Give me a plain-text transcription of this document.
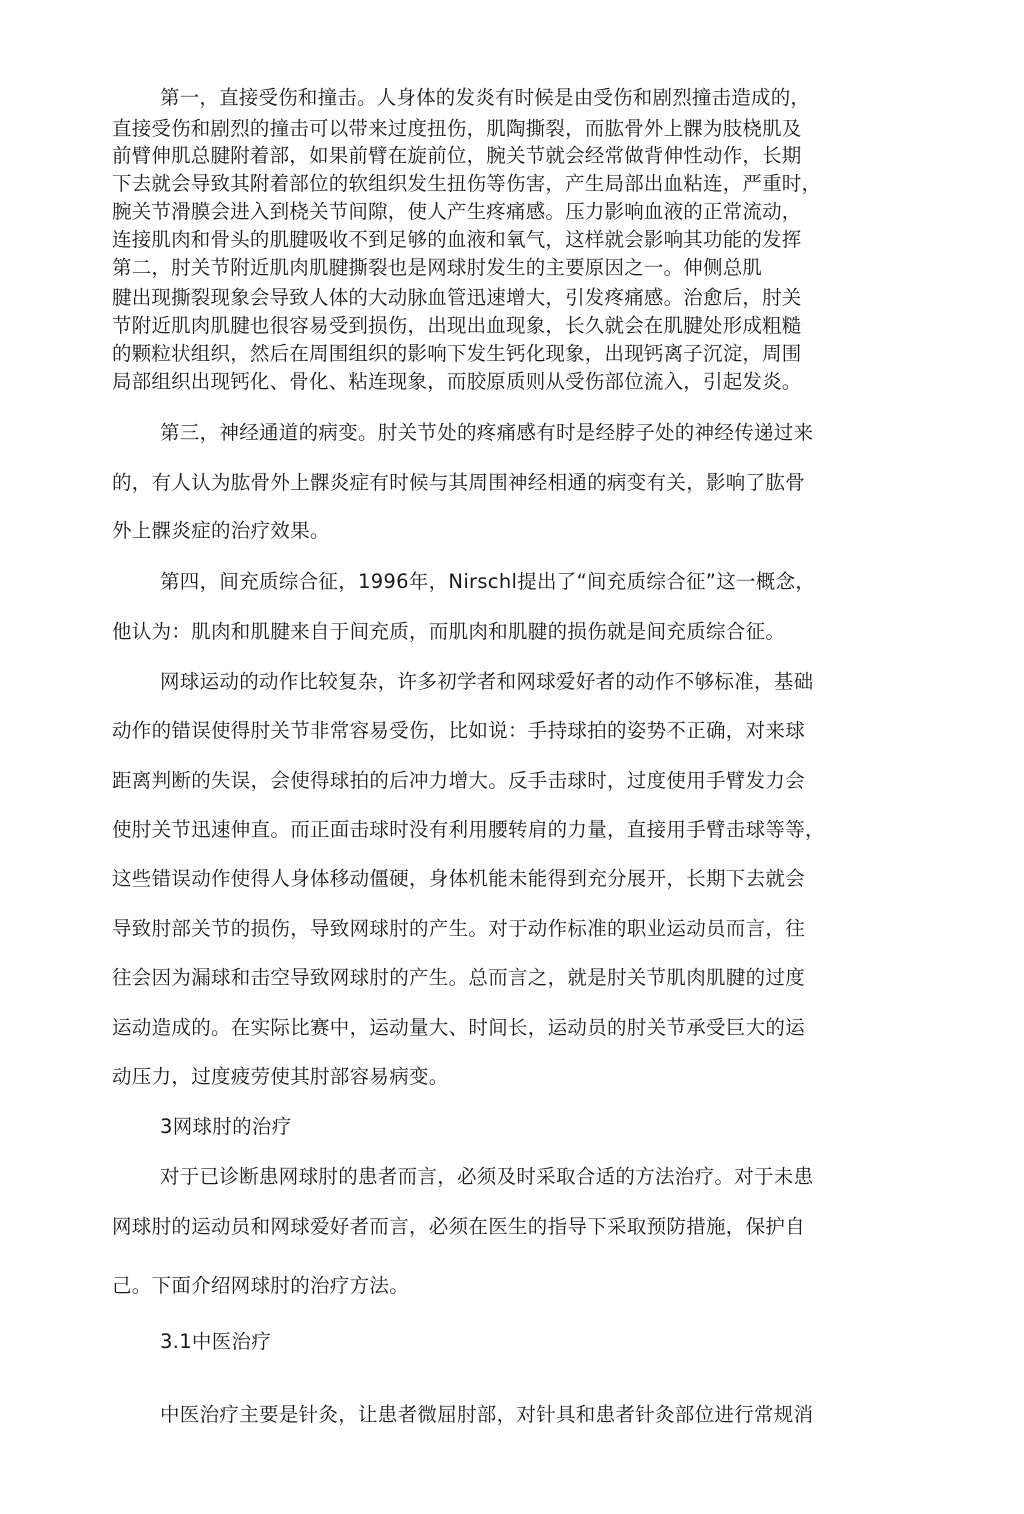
第一，直接受伤和撞击。人身体的发炎有时候是由受伤和剧烈撞击造成的，
直接受伤和剧烈的撞击可以带来过度扭伤，肌陶撕裂，而肱骨外上髁为肢桡肌及
前臂伸肌总腱附着部，如果前臂在旋前位，腕关节就会经常做背伸性动作，长期
下去就会导致其附着部位的软组织发生扭伤等伤害，产生局部出血粘连，严重时，
腕关节滑膜会进入到桡关节间隙，使人产生疼痛感。压力影响血液的正常流动，
连接肌肉和骨头的肌腱吸收不到足够的血液和氧气，这样就会影响其功能的发挥
第二，肘关节附近肌肉肌腱撕裂也是网球肘发生的主要原因之一。伸侧总肌
腱出现撕裂现象会导致人体的大动脉血管迅速增大，引发疼痛感。治愈后，肘关
节附近肌肉肌腱也很容易受到损伤，出现出血现象，长久就会在肌腱处形成粗糙
的颗粒状组织，然后在周围组织的影响下发生钙化现象，出现钙离子沉淀，周围
局部组织出现钙化、骨化、粘连现象，而胶原质则从受伤部位流入，引起发炎。
第三，神经通道的病变。肘关节处的疼痛感有时是经脖子处的神经传递过来
的，有人认为肱骨外上髁炎症有时候与其周围神经相通的病变有关，影响了肱骨
外上髁炎症的治疗效果。
第四，间充质综合征，1996年，Nirschl提出了“间充质综合征”这一概念，
他认为：肌肉和肌腱来自于间充质，而肌肉和肌腱的损伤就是间充质综合征。
网球运动的动作比较复杂，许多初学者和网球爱好者的动作不够标准，基础
动作的错误使得肘关节非常容易受伤，比如说：手持球拍的姿势不正确，对来球
距离判断的失误，会使得球拍的后冲力增大。反手击球时，过度使用手臂发力会
使肘关节迅速伸直。而正面击球时没有利用腰转肩的力量，直接用手臂击球等等，
这些错误动作使得人身体移动僵硬，身体机能未能得到充分展开，长期下去就会
导致肘部关节的损伤，导致网球肘的产生。对于动作标准的职业运动员而言，往
往会因为漏球和击空导致网球肘的产生。总而言之，就是肘关节肌肉肌腱的过度
运动造成的。在实际比赛中，运动量大、时间长，运动员的肘关节承受巨大的运
动压力，过度疲劳使其肘部容易病变。
3网球肘的治疗
对于已诊断患网球肘的患者而言，必须及时采取合适的方法治疗。对于未患
网球肘的运动员和网球爱好者而言，必须在医生的指导下采取预防措施，保护自
己。下面介绍网球肘的治疗方法。
3.1中医治疗
中医治疗主要是针灸，让患者微屈肘部，对针具和患者针灸部位进行常规消
